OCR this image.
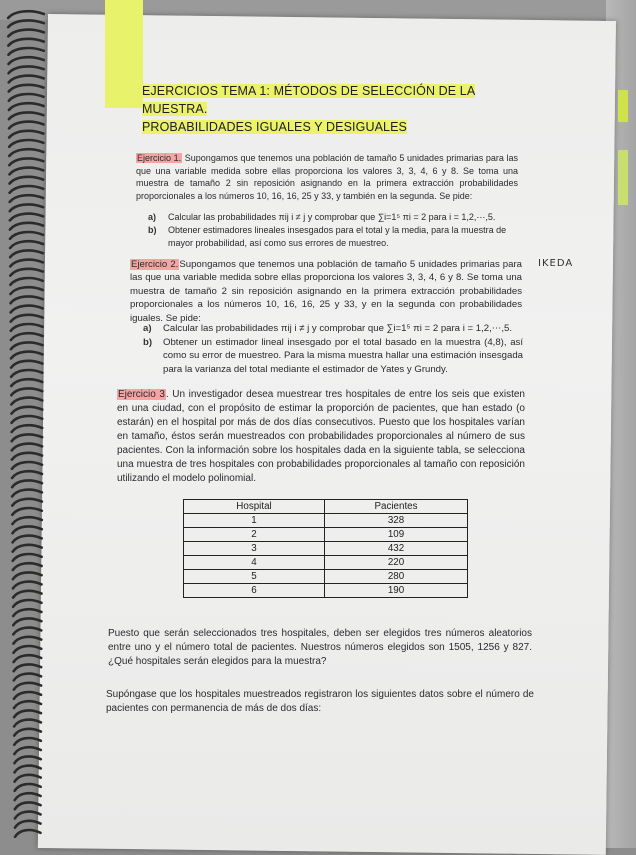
EJERCICIOS TEMA 1: MÉTODOS DE SELECCIÓN DE LA MUESTRA.
PROBABILIDADES IGUALES Y DESIGUALES
Ejercicio 1. Supongamos que tenemos una población de tamaño 5 unidades primarias para las que una variable medida sobre ellas proporciona los valores 3, 3, 4, 6 y 8. Se toma una muestra de tamaño 2 sin reposición asignando en la primera extracción probabilidades proporcionales a los números 10, 16, 16, 25 y 33, y también en la segunda. Se pide:
a)	Calcular las probabilidades πij i ≠ j y comprobar que ∑i=1⁵ πi = 2 para i = 1,2,⋯,5.
b)	Obtener estimadores lineales insesgados para el total y la media, para la muestra de mayor probabilidad, así como sus errores de muestreo.
Ejercicio 2.Supongamos que tenemos una población de tamaño 5 unidades primarias para las que una variable medida sobre ellas proporciona los valores 3, 3, 4, 6 y 8. Se toma una muestra de tamaño 2 sin reposición asignando en la primera extracción probabilidades proporcionales a los números 10, 16, 16, 25 y 33, y en la segunda con probabilidades iguales. Se pide:
IKEDA
a)	Calcular las probabilidades πij i ≠ j y comprobar que ∑i=1⁵ πi = 2 para i = 1,2,⋯,5.
b)	Obtener un estimador lineal insesgado por el total basado en la muestra (4,8), así como su error de muestreo. Para la misma muestra hallar una estimación insesgada para la varianza del total mediante el estimador de Yates y Grundy.
Ejercicio 3. Un investigador desea muestrear tres hospitales de entre los seis que existen en una ciudad, con el propósito de estimar la proporción de pacientes, que han estado (o estarán) en el hospital por más de dos días consecutivos. Puesto que los hospitales varían en tamaño, éstos serán muestreados con probabilidades proporcionales al número de sus pacientes. Con la información sobre los hospitales dada en la siguiente tabla, se selecciona una muestra de tres hospitales con probabilidades proporcionales al tamaño con reposición utilizando el modelo polinomial.
Hospital	Pacientes
1	328
2	109
3	432
4	220
5	280
6	190
Puesto que serán seleccionados tres hospitales, deben ser elegidos tres números aleatorios entre uno y el número total de pacientes. Nuestros números elegidos son 1505, 1256 y 827. ¿Qué hospitales serán elegidos para la muestra?
Supóngase que los hospitales muestreados registraron los siguientes datos sobre el número de pacientes con permanencia de más de dos días:
